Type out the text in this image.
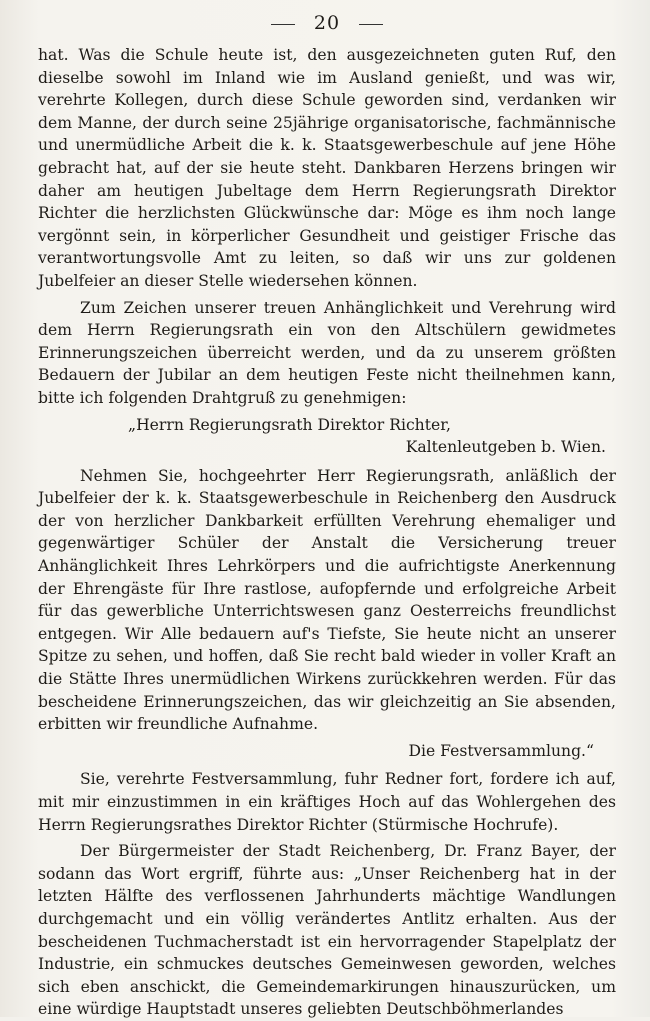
20

hat. Was die Schule heute ist, den ausgezeichneten guten Ruf, den dieselbe sowohl im Inland wie im Ausland genießt, und was wir, verehrte Kollegen, durch diese Schule geworden sind, verdanken wir dem Manne, der durch seine 25jährige organisatorische, fachmännische und unermüdliche Arbeit die k. k. Staatsgewerbeschule auf jene Höhe gebracht hat, auf der sie heute steht. Dankbaren Herzens bringen wir daher am heutigen Jubeltage dem Herrn Regierungsrath Direktor Richter die herzlichsten Glückwünsche dar: Möge es ihm noch lange vergönnt sein, in körperlicher Gesundheit und geistiger Frische das verantwortungsvolle Amt zu leiten, so daß wir uns zur goldenen Jubelfeier an dieser Stelle wiedersehen können.

Zum Zeichen unserer treuen Anhänglichkeit und Verehrung wird dem Herrn Regierungsrath ein von den Altschülern gewidmetes Erinnerungszeichen überreicht werden, und da zu unserem größten Bedauern der Jubilar an dem heutigen Feste nicht theilnehmen kann, bitte ich folgenden Drahtgruß zu genehmigen:

„Herrn Regierungsrath Direktor Richter,

Kaltenleutgeben b. Wien.

Nehmen Sie, hochgeehrter Herr Regierungsrath, anläßlich der Jubelfeier der k. k. Staatsgewerbeschule in Reichenberg den Ausdruck der von herzlicher Dankbarkeit erfüllten Verehrung ehemaliger und gegenwärtiger Schüler der Anstalt die Versicherung treuer Anhänglichkeit Ihres Lehrkörpers und die aufrichtigste Anerkennung der Ehrengäste für Ihre rastlose, aufopfernde und erfolgreiche Arbeit für das gewerbliche Unterrichtswesen ganz Oesterreichs freundlichst entgegen. Wir Alle bedauern auf's Tiefste, Sie heute nicht an unserer Spitze zu sehen, und hoffen, daß Sie recht bald wieder in voller Kraft an die Stätte Ihres unermüdlichen Wirkens zurückkehren werden. Für das bescheidene Erinnerungszeichen, das wir gleichzeitig an Sie absenden, erbitten wir freundliche Aufnahme.

Die Festversammlung.“

Sie, verehrte Festversammlung, fuhr Redner fort, fordere ich auf, mit mir einzustimmen in ein kräftiges Hoch auf das Wohlergehen des Herrn Regierungsrathes Direktor Richter (Stürmische Hochrufe).

Der Bürgermeister der Stadt Reichenberg, Dr. Franz Bayer, der sodann das Wort ergriff, führte aus: „Unser Reichenberg hat in der letzten Hälfte des verflossenen Jahrhunderts mächtige Wandlungen durchgemacht und ein völlig verändertes Antlitz erhalten. Aus der bescheidenen Tuchmacherstadt ist ein hervorragender Stapelplatz der Industrie, ein schmuckes deutsches Gemeinwesen geworden, welches sich eben anschickt, die Gemeindemarkirungen hinauszurücken, um eine würdige Hauptstadt unseres geliebten Deutschböhmerlandes
